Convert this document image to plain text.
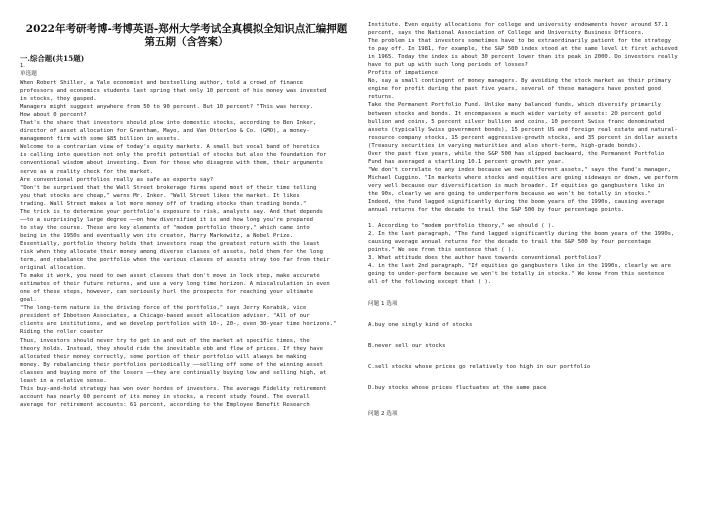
2022年考研考博-考博英语-郑州大学考试全真模拟全知识点汇编押题
第五期（含答案）
一.综合题(共15题)
1.
单选题
When Robert Shiller, a Yale economist and bestselling author, told a crowd of finance
professors and economics students last spring that only 10 percent of his money was invested
in stocks, they gasped.
Managers might suggest anywhere from 50 to 90 percent. But 10 percent? "This was heresy.
How about 0 percent?
That's the share that investors should plow into domestic stocks, according to Ben Inker,
director of asset allocation for Grantham, Mayo, and Van Otterloo & Co. (GMO), a money-
management firm with some $85 billion in assets.
Welcome to a contrarian view of today's equity markets. A small but vocal band of heretics
is calling into question not only the profit potential of stocks but also the foundation for
conventional wisdom about investing. Even for those who disagree with them, their arguments
serve as a reality check for the market.
Are conventional portfolios really as safe as experts say?
"Don't be surprised that the Wall Street brokerage firms spend most of their time telling
you that stocks are cheap," warns Mr. Inker. "Wall Street likes the market. It likes
trading. Wall Street makes a lot more money off of trading stocks than trading bonds."
The trick is to determine your portfolio's exposure to risk, analysts say. And that depends
——to a surprisingly large degree ——on how diversified it is and how long you're prepared
to stay the course. These are key elements of "modem portfolio theory," which came into
being in the 1950s and eventually won its creator, Harry Markowitz, a Nobel Prize.
Essentially, portfolio theory holds that investors reap the greatest return with the least
risk when they allocate their money among diverse classes of assets, hold them for the long
term, and rebalance the portfolio when the various classes of assets stray too far from their
original allocation.
To make it work, you need to own asset classes that don't move in lock step, make accurate
estimates of their future returns, and use a very long time horizon. A miscalculation in even
one of these steps, however, can seriously hurl the prospects for reaching your ultimate
goal.
"The long-term nature is the driving force of the portfolio," says Jerry Korabik, vice
president of Ibbotson Associates, a Chicago-based asset allocation adviser. "All of our
clients are institutions, and we develop portfolios with 10-, 20-, even 30-year time horizons."
Riding the roller coaster
Thus, investors should never try to get in and out of the market at specific times, the
theory holds. Instead, they should ride the inevitable ebb and flow of prices. If they have
allocated their money correctly, some portion of their portfolio will always be making
money. By rebalancing their portfolios periodically ——selling off some of the winning asset
classes and buying more of the losers ——they are continually buying low and selling high, at
least in a relative sense.
This buy-and-hold strategy has won over hordes of investors. The average Fidelity retirement
account has nearly 60 percent of its money in stocks, a recent study found. The overall
average for retirement accounts: 61 percent, according to the Employee Benefit Research
Institute. Even equity allocations for college and university endowments hover around 57.1
percent, says the National Association of College and University Business Officers.
The problem is that investors sometimes have to be extraordinarily patient for the strategy
to pay off. In 1981, for example, the S&P 500 index stood at the same level it first achieved
in 1965. Today the index is about 30 percent lower than its peak in 2000. Do investors really
have to put up with such long periods of losses?
Profits of impatience
No, say a small contingent of money managers. By avoiding the stock market as their primary
engine for profit during the past five years, several of these managers have posted good
returns.
Take the Permanent Portfolio Fund. Unlike many balanced funds, which diversify primarily
between stocks and bonds. It encompasses a much wider variety of assets: 20 percent gold
bullion and coins, 5 percent silver bullion and coins, 10 percent Swiss franc denominated
assets (typically Swiss government bonds), 15 percent US and foreign real estate and natural-
resource company stocks, 15 percent aggressive-growth stocks, and 35 percent in dollar assets
(Treasury securities in varying maturities and also short-term, high-grade bonds).
Over the past five years, while the S&P 500 has slipped backward, the Permanent Portfolio
Fund has averaged a startling 10.1 percent growth per year.
"We don't correlate to any index because we own different assets," says the fund's manager,
Michael Cuggino. "In markets where stocks and equities are going sideways or down, we perform
very well because our diversification is much broader. If equities go gangbusters like in
the 90s, clearly we are going to underperform because we won't be totally in stocks."
Indeed, the fund lagged significantly during the boom years of the 1990s, causing average
annual returns for the decade to trail the S&P 500 by four percentage points.
1. According to "modem portfolio theory," we should ( ).
2. In the last paragraph, "The fund lagged significantly during the boom years of the 1990s,
causing average annual returns for the decade to trail the S&P 500 by four percentage
points." We see from this sentence that ( ).
3. What attitude does the author have towards conventional portfolios?
4. in the last 2nd paragraph, "If equities go gangbusters like in the 1990s, clearly we are
going to under-perform because we won't be totally in stocks." We know from this sentence
all of the following except that ( ).
问题 1 选项
A.buy one singly kind of stocks
B.never sell our stocks
C.sell stocks whose prices go relatively too high in our portfolio
D.buy stocks whose prices fluctuates at the same pace
问题 2 选项
